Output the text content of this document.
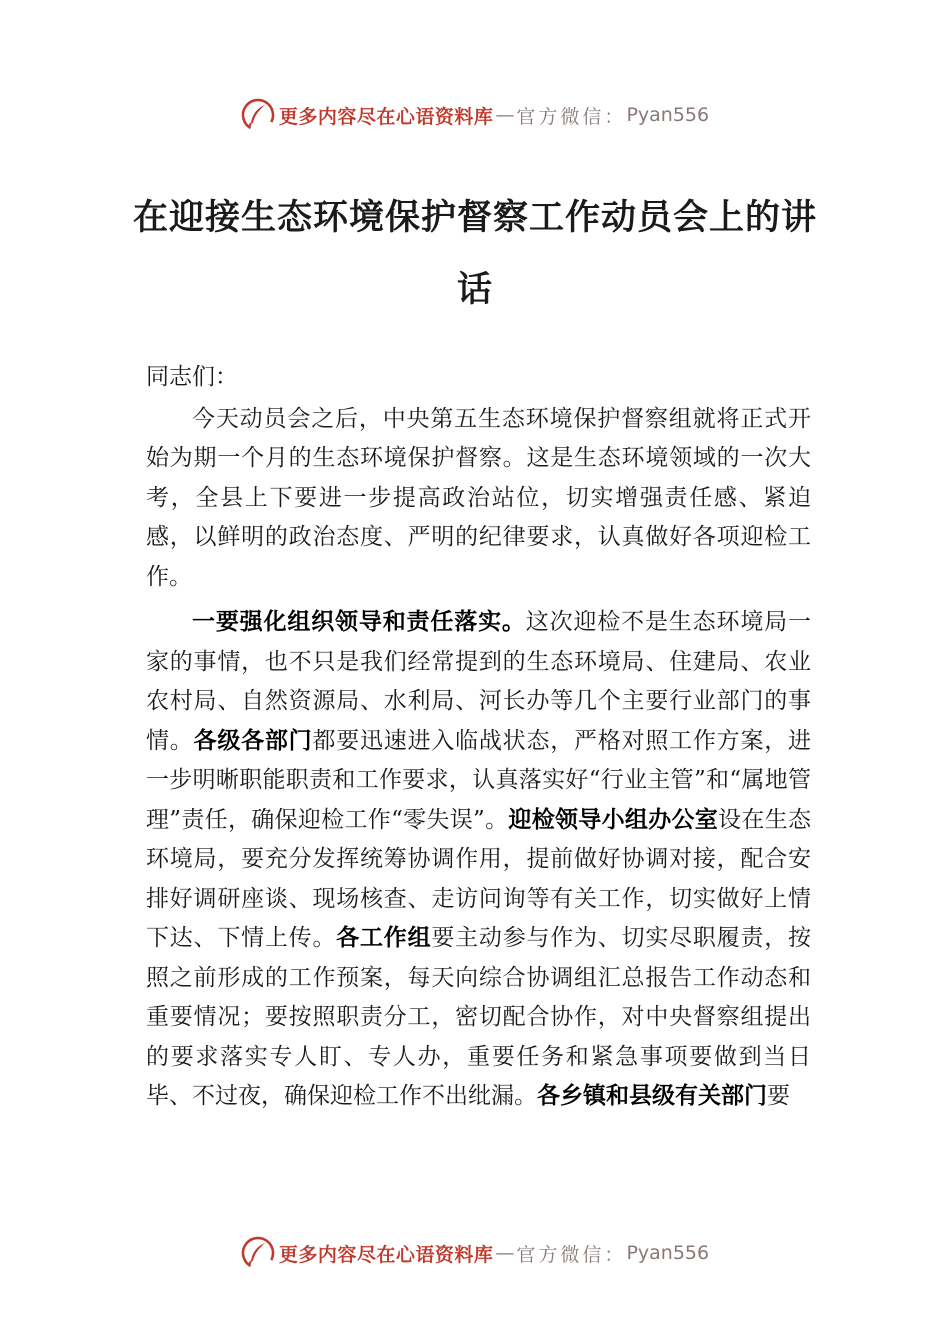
更多内容尽在心语资料库 — 官方微信： Pyan556
在迎接生态环境保护督察工作动员会上的讲话

同志们：

今天动员会之后，中央第五生态环境保护督察组就将正式开始为期一个月的生态环境保护督察。这是生态环境领域的一次大考，全县上下要进一步提高政治站位，切实增强责任感、紧迫感，以鲜明的政治态度、严明的纪律要求，认真做好各项迎检工作。

一要强化组织领导和责任落实。这次迎检不是生态环境局一家的事情，也不只是我们经常提到的生态环境局、住建局、农业农村局、自然资源局、水利局、河长办等几个主要行业部门的事情。各级各部门都要迅速进入临战状态，严格对照工作方案，进一步明晰职能职责和工作要求，认真落实好“行业主管”和“属地管理”责任，确保迎检工作“零失误”。迎检领导小组办公室设在生态环境局，要充分发挥统筹协调作用，提前做好协调对接，配合安排好调研座谈、现场核查、走访问询等有关工作，切实做好上情下达、下情上传。各工作组要主动参与作为、切实尽职履责，按照之前形成的工作预案，每天向综合协调组汇总报告工作动态和重要情况；要按照职责分工，密切配合协作，对中央督察组提出的要求落实专人盯、专人办，重要任务和紧急事项要做到当日毕、不过夜，确保迎检工作不出纰漏。各乡镇和县级有关部门要

更多内容尽在心语资料库 — 官方微信： Pyan556
